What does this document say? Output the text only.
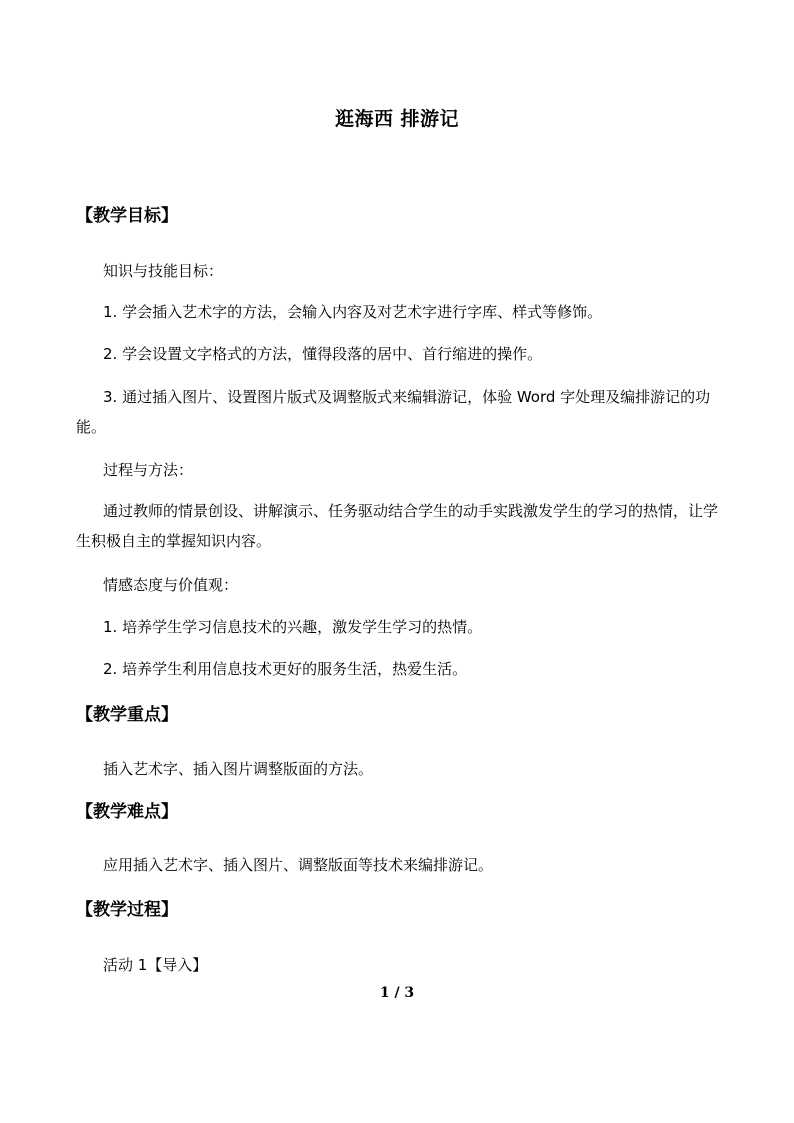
逛海西 排游记
【教学目标】
知识与技能目标：
1. 学会插入艺术字的方法，会输入内容及对艺术字进行字库、样式等修饰。
2. 学会设置文字格式的方法，懂得段落的居中、首行缩进的操作。
3. 通过插入图片、设置图片版式及调整版式来编辑游记，体验 Word 字处理及编排游记的功能。
过程与方法：
通过教师的情景创设、讲解演示、任务驱动结合学生的动手实践激发学生的学习的热情，让学生积极自主的掌握知识内容。
情感态度与价值观：
1. 培养学生学习信息技术的兴趣，激发学生学习的热情。
2. 培养学生利用信息技术更好的服务生活，热爱生活。
【教学重点】
插入艺术字、插入图片调整版面的方法。
【教学难点】
应用插入艺术字、插入图片、调整版面等技术来编排游记。
【教学过程】
活动 1【导入】
1 / 3
